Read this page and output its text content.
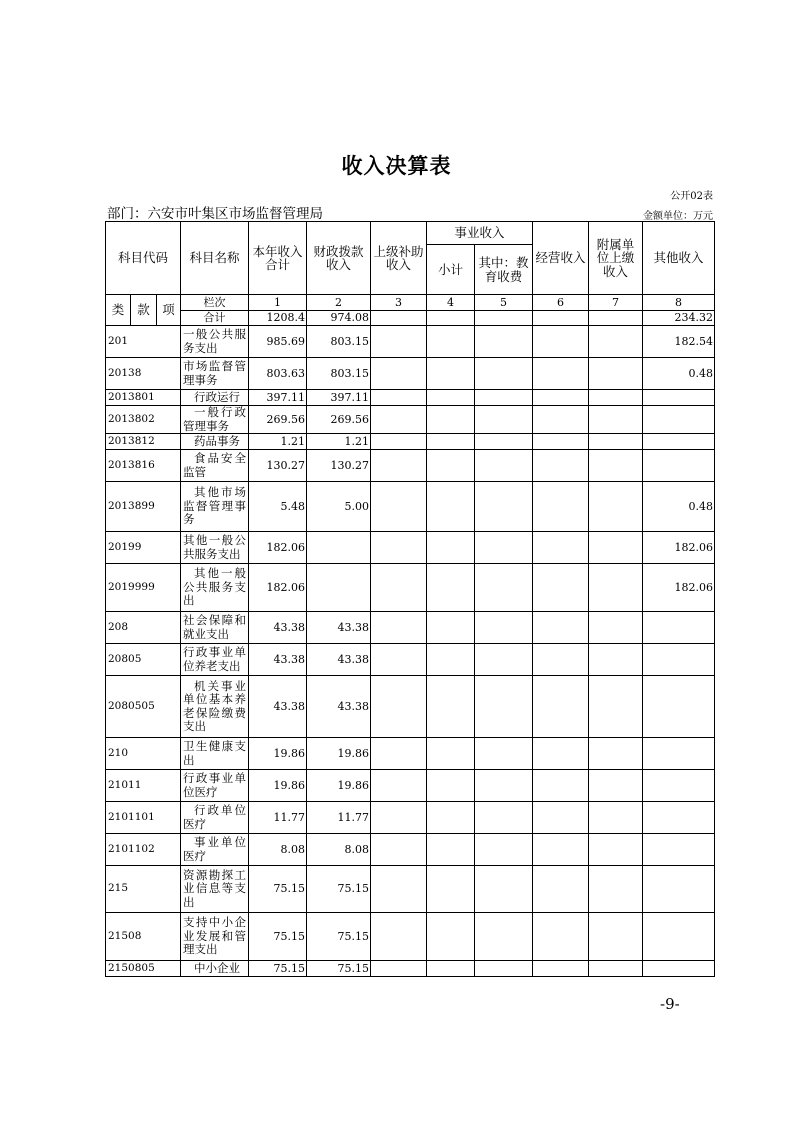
收入决算表
公开02表
部门：六安市叶集区市场监督管理局	金额单位：万元
科目代码			科目名称	本年收入合计	财政拨款收入	上级补助收入	事业收入		经营收入	附属单位上缴收入	其他收入
							小计	其中：教育收费			

类	款	项	栏次	1	2	3	4	5	6	7	8
			合计	1208.4	974.08						234.32
201			一般公共服务支出	985.69	803.15						182.54
20138			市场监督管理事务	803.63	803.15						0.48
2013801			行政运行	397.11	397.11						
2013802			一般行政管理事务	269.56	269.56						
2013812			药品事务	1.21	1.21						
2013816			食品安全监管	130.27	130.27						
2013899			其他市场监督管理事务	5.48	5.00						0.48
20199			其他一般公共服务支出	182.06							182.06
2019999			其他一般公共服务支出	182.06							182.06
208			社会保障和就业支出	43.38	43.38						
20805			行政事业单位养老支出	43.38	43.38						
2080505			机关事业单位基本养老保险缴费支出	43.38	43.38						
210			卫生健康支出	19.86	19.86						
21011			行政事业单位医疗	19.86	19.86						
2101101			行政单位医疗	11.77	11.77						
2101102			事业单位医疗	8.08	8.08						
215			资源勘探工业信息等支出	75.15	75.15						
21508			支持中小企业发展和管理支出	75.15	75.15						
2150805			中小企业	75.15	75.15						
-9-
